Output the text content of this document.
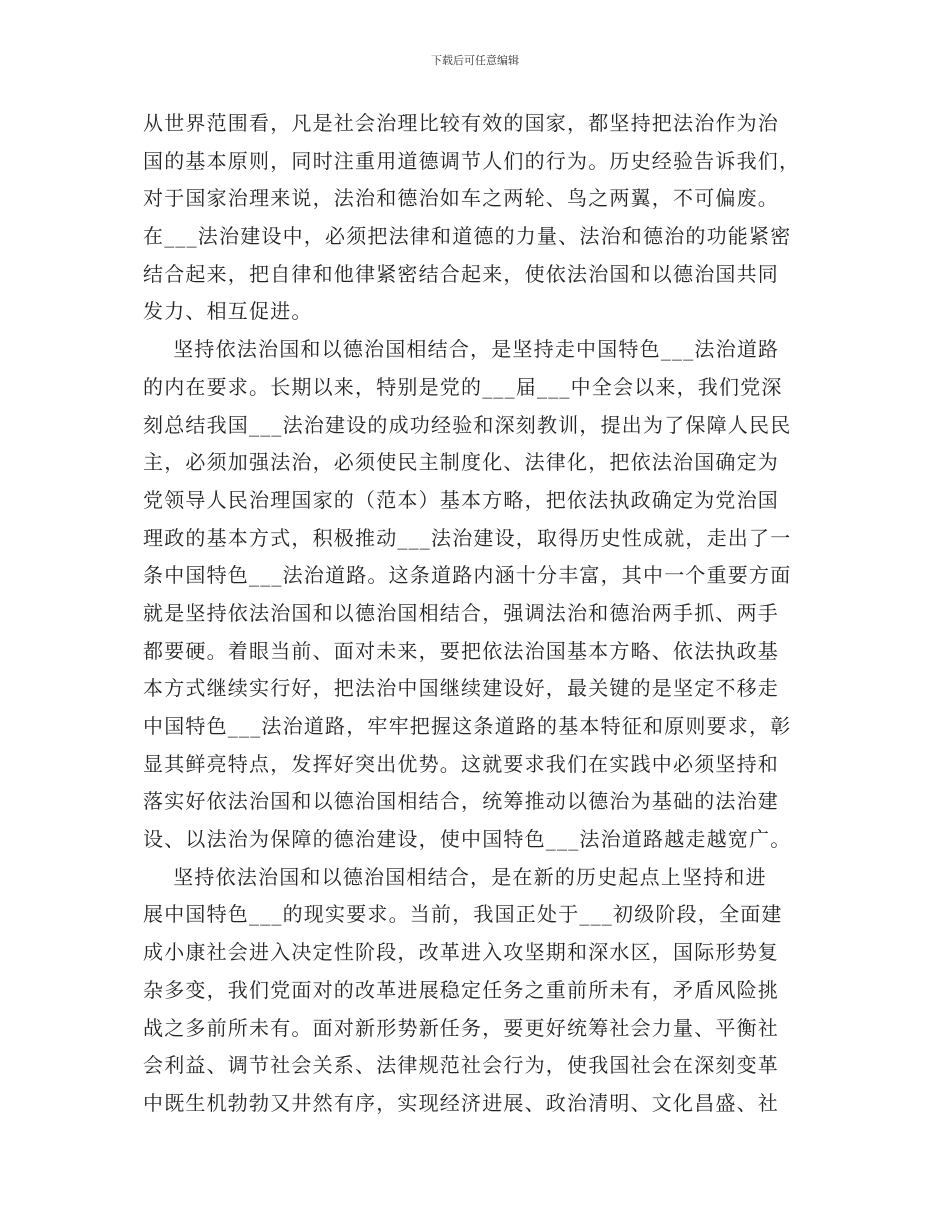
下载后可任意编辑
从世界范围看，凡是社会治理比较有效的国家，都坚持把法治作为治
国的基本原则，同时注重用道德调节人们的行为。历史经验告诉我们，
对于国家治理来说，法治和德治如车之两轮、鸟之两翼，不可偏废。
在___法治建设中，必须把法律和道德的力量、法治和德治的功能紧密
结合起来，把自律和他律紧密结合起来，使依法治国和以德治国共同
发力、相互促进。
坚持依法治国和以德治国相结合，是坚持走中国特色___法治道路
的内在要求。长期以来，特别是党的___届___中全会以来，我们党深
刻总结我国___法治建设的成功经验和深刻教训，提出为了保障人民民
主，必须加强法治，必须使民主制度化、法律化，把依法治国确定为
党领导人民治理国家的（范本）基本方略，把依法执政确定为党治国
理政的基本方式，积极推动___法治建设，取得历史性成就，走出了一
条中国特色___法治道路。这条道路内涵十分丰富，其中一个重要方面
就是坚持依法治国和以德治国相结合，强调法治和德治两手抓、两手
都要硬。着眼当前、面对未来，要把依法治国基本方略、依法执政基
本方式继续实行好，把法治中国继续建设好，最关键的是坚定不移走
中国特色___法治道路，牢牢把握这条道路的基本特征和原则要求，彰
显其鲜亮特点，发挥好突出优势。这就要求我们在实践中必须坚持和
落实好依法治国和以德治国相结合，统筹推动以德治为基础的法治建
设、以法治为保障的德治建设，使中国特色___法治道路越走越宽广。
坚持依法治国和以德治国相结合，是在新的历史起点上坚持和进
展中国特色___的现实要求。当前，我国正处于___初级阶段，全面建
成小康社会进入决定性阶段，改革进入攻坚期和深水区，国际形势复
杂多变，我们党面对的改革进展稳定任务之重前所未有，矛盾风险挑
战之多前所未有。面对新形势新任务，要更好统筹社会力量、平衡社
会利益、调节社会关系、法律规范社会行为，使我国社会在深刻变革
中既生机勃勃又井然有序，实现经济进展、政治清明、文化昌盛、社
